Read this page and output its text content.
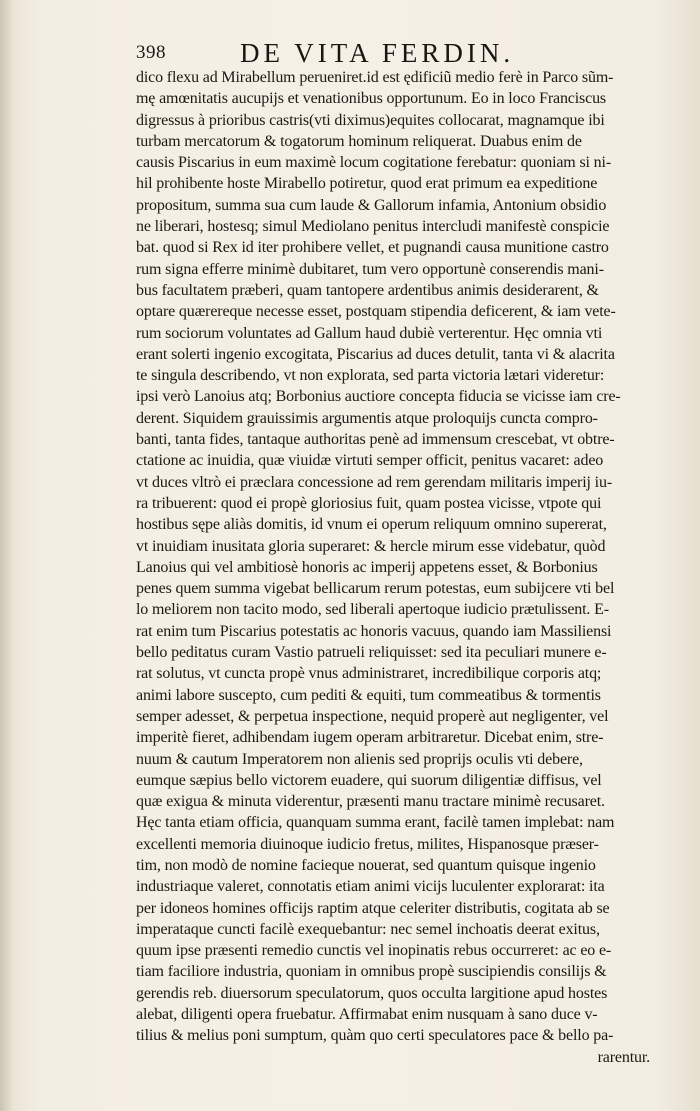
398	DE VITA FERDIN.
dico flexu ad Mirabellum perueniret.id est ędificiũ medio ferè in Parco sũm-
mę amœnitatis aucupijs et venationibus opportunum. Eo in loco Franciscus
digressus à prioribus castris(vti diximus)equites collocarat, magnamque ibi
turbam mercatorum & togatorum hominum reliquerat. Duabus enim de
causis Piscarius in eum maximè locum cogitatione ferebatur: quoniam si ni-
hil prohibente hoste Mirabello potiretur, quod erat primum ea expeditione
propositum, summa sua cum laude & Gallorum infamia, Antonium obsidio
ne liberari, hostesq; simul Mediolano penitus intercludi manifestè conspicie
bat. quod si Rex id iter prohibere vellet, et pugnandi causa munitione castro
rum signa efferre minimè dubitaret, tum vero opportunè conserendis mani-
bus facultatem præberi, quam tantopere ardentibus animis desiderarent, &
optare quærereque necesse esset, postquam stipendia deficerent, & iam vete-
rum sociorum voluntates ad Gallum haud dubiè verterentur. Hęc omnia vti
erant solerti ingenio excogitata, Piscarius ad duces detulit, tanta vi & alacrita
te singula describendo, vt non explorata, sed parta victoria lætari videretur:
ipsi verò Lanoius atq; Borbonius auctiore concepta fiducia se vicisse iam cre-
derent. Siquidem grauissimis argumentis atque proloquijs cuncta compro-
banti, tanta fides, tantaque authoritas penè ad immensum crescebat, vt obtre-
ctatione ac inuidia, quæ viuidæ virtuti semper officit, penitus vacaret: adeo
vt duces vltrò ei præclara concessione ad rem gerendam militaris imperij iu-
ra tribuerent: quod ei propè gloriosius fuit, quam postea vicisse, vtpote qui
hostibus sępe aliàs domitis, id vnum ei operum reliquum omnino supererat,
vt inuidiam inusitata gloria superaret: & hercle mirum esse videbatur, quòd
Lanoius qui vel ambitiosè honoris ac imperij appetens esset, & Borbonius
penes quem summa vigebat bellicarum rerum potestas, eum subijcere vti bel
lo meliorem non tacito modo, sed liberali apertoque iudicio prætulissent. E-
rat enim tum Piscarius potestatis ac honoris vacuus, quando iam Massiliensi
bello peditatus curam Vastio patrueli reliquisset: sed ita peculiari munere e-
rat solutus, vt cuncta propè vnus administraret, incredibilique corporis atq;
animi labore suscepto, cum pediti & equiti, tum commeatibus & tormentis
semper adesset, & perpetua inspectione, nequid properè aut negligenter, vel
imperitè fieret, adhibendam iugem operam arbitraretur. Dicebat enim, stre-
nuum & cautum Imperatorem non alienis sed proprijs oculis vti debere,
eumque sæpius bello victorem euadere, qui suorum diligentiæ diffisus, vel
quæ exigua & minuta viderentur, præsenti manu tractare minimè recusaret.
Hęc tanta etiam officia, quanquam summa erant, facilè tamen implebat: nam
excellenti memoria diuinoque iudicio fretus, milites, Hispanosque præser-
tim, non modò de nomine facieque nouerat, sed quantum quisque ingenio
industriaque valeret, connotatis etiam animi vicijs luculenter explorarat: ita
per idoneos homines officijs raptim atque celeriter distributis, cogitata ab se
imperataque cuncti facilè exequebantur: nec semel inchoatis deerat exitus,
quum ipse præsenti remedio cunctis vel inopinatis rebus occurreret: ac eo e-
tiam faciliore industria, quoniam in omnibus propè suscipiendis consilijs &
gerendis reb. diuersorum speculatorum, quos occulta largitione apud hostes
alebat, diligenti opera fruebatur. Affirmabat enim nusquam à sano duce v-
tilius & melius poni sumptum, quàm quo certi speculatores pace & bello pa-
rarentur.
